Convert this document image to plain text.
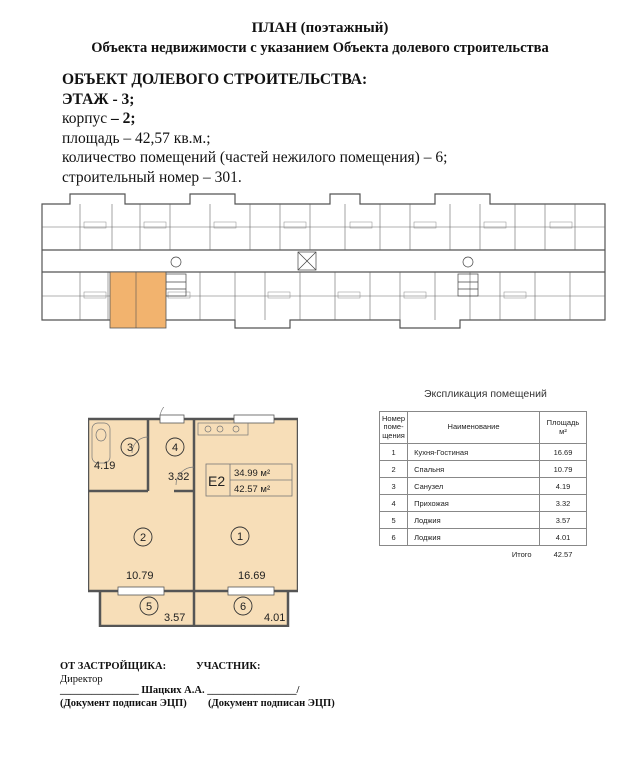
ПЛАН (поэтажный)
Объекта недвижимости с указанием Объекта долевого строительства
ОБЪЕКТ ДОЛЕВОГО СТРОИТЕЛЬСТВА:
ЭТАЖ - 3;
корпус – 2;
площадь – 42,57 кв.м.;
количество помещений (частей нежилого помещения) – 6;
строительный номер – 301.
E2 34.99 м²
42.57 м²
3	4
1
2
5	6
4.19
3.32
10.79	16.69
3.57	4.01
Экспликация помещений
Номер
поме-
щения	Наименование	Площадь
м²
1	Кухня-Гостиная	16.69
2	Спальня	10.79
3	Санузел	4.19
4	Прихожая	3.32
5	Лоджия	3.57
6	Лоджия	4.01
	Итого	42.57
ОТ ЗАСТРОЙЩИКА:
Директор
УЧАСТНИК:
_______________ Шацких А.А. _________________/
(Документ подписан ЭЦП) (Документ подписан ЭЦП)
